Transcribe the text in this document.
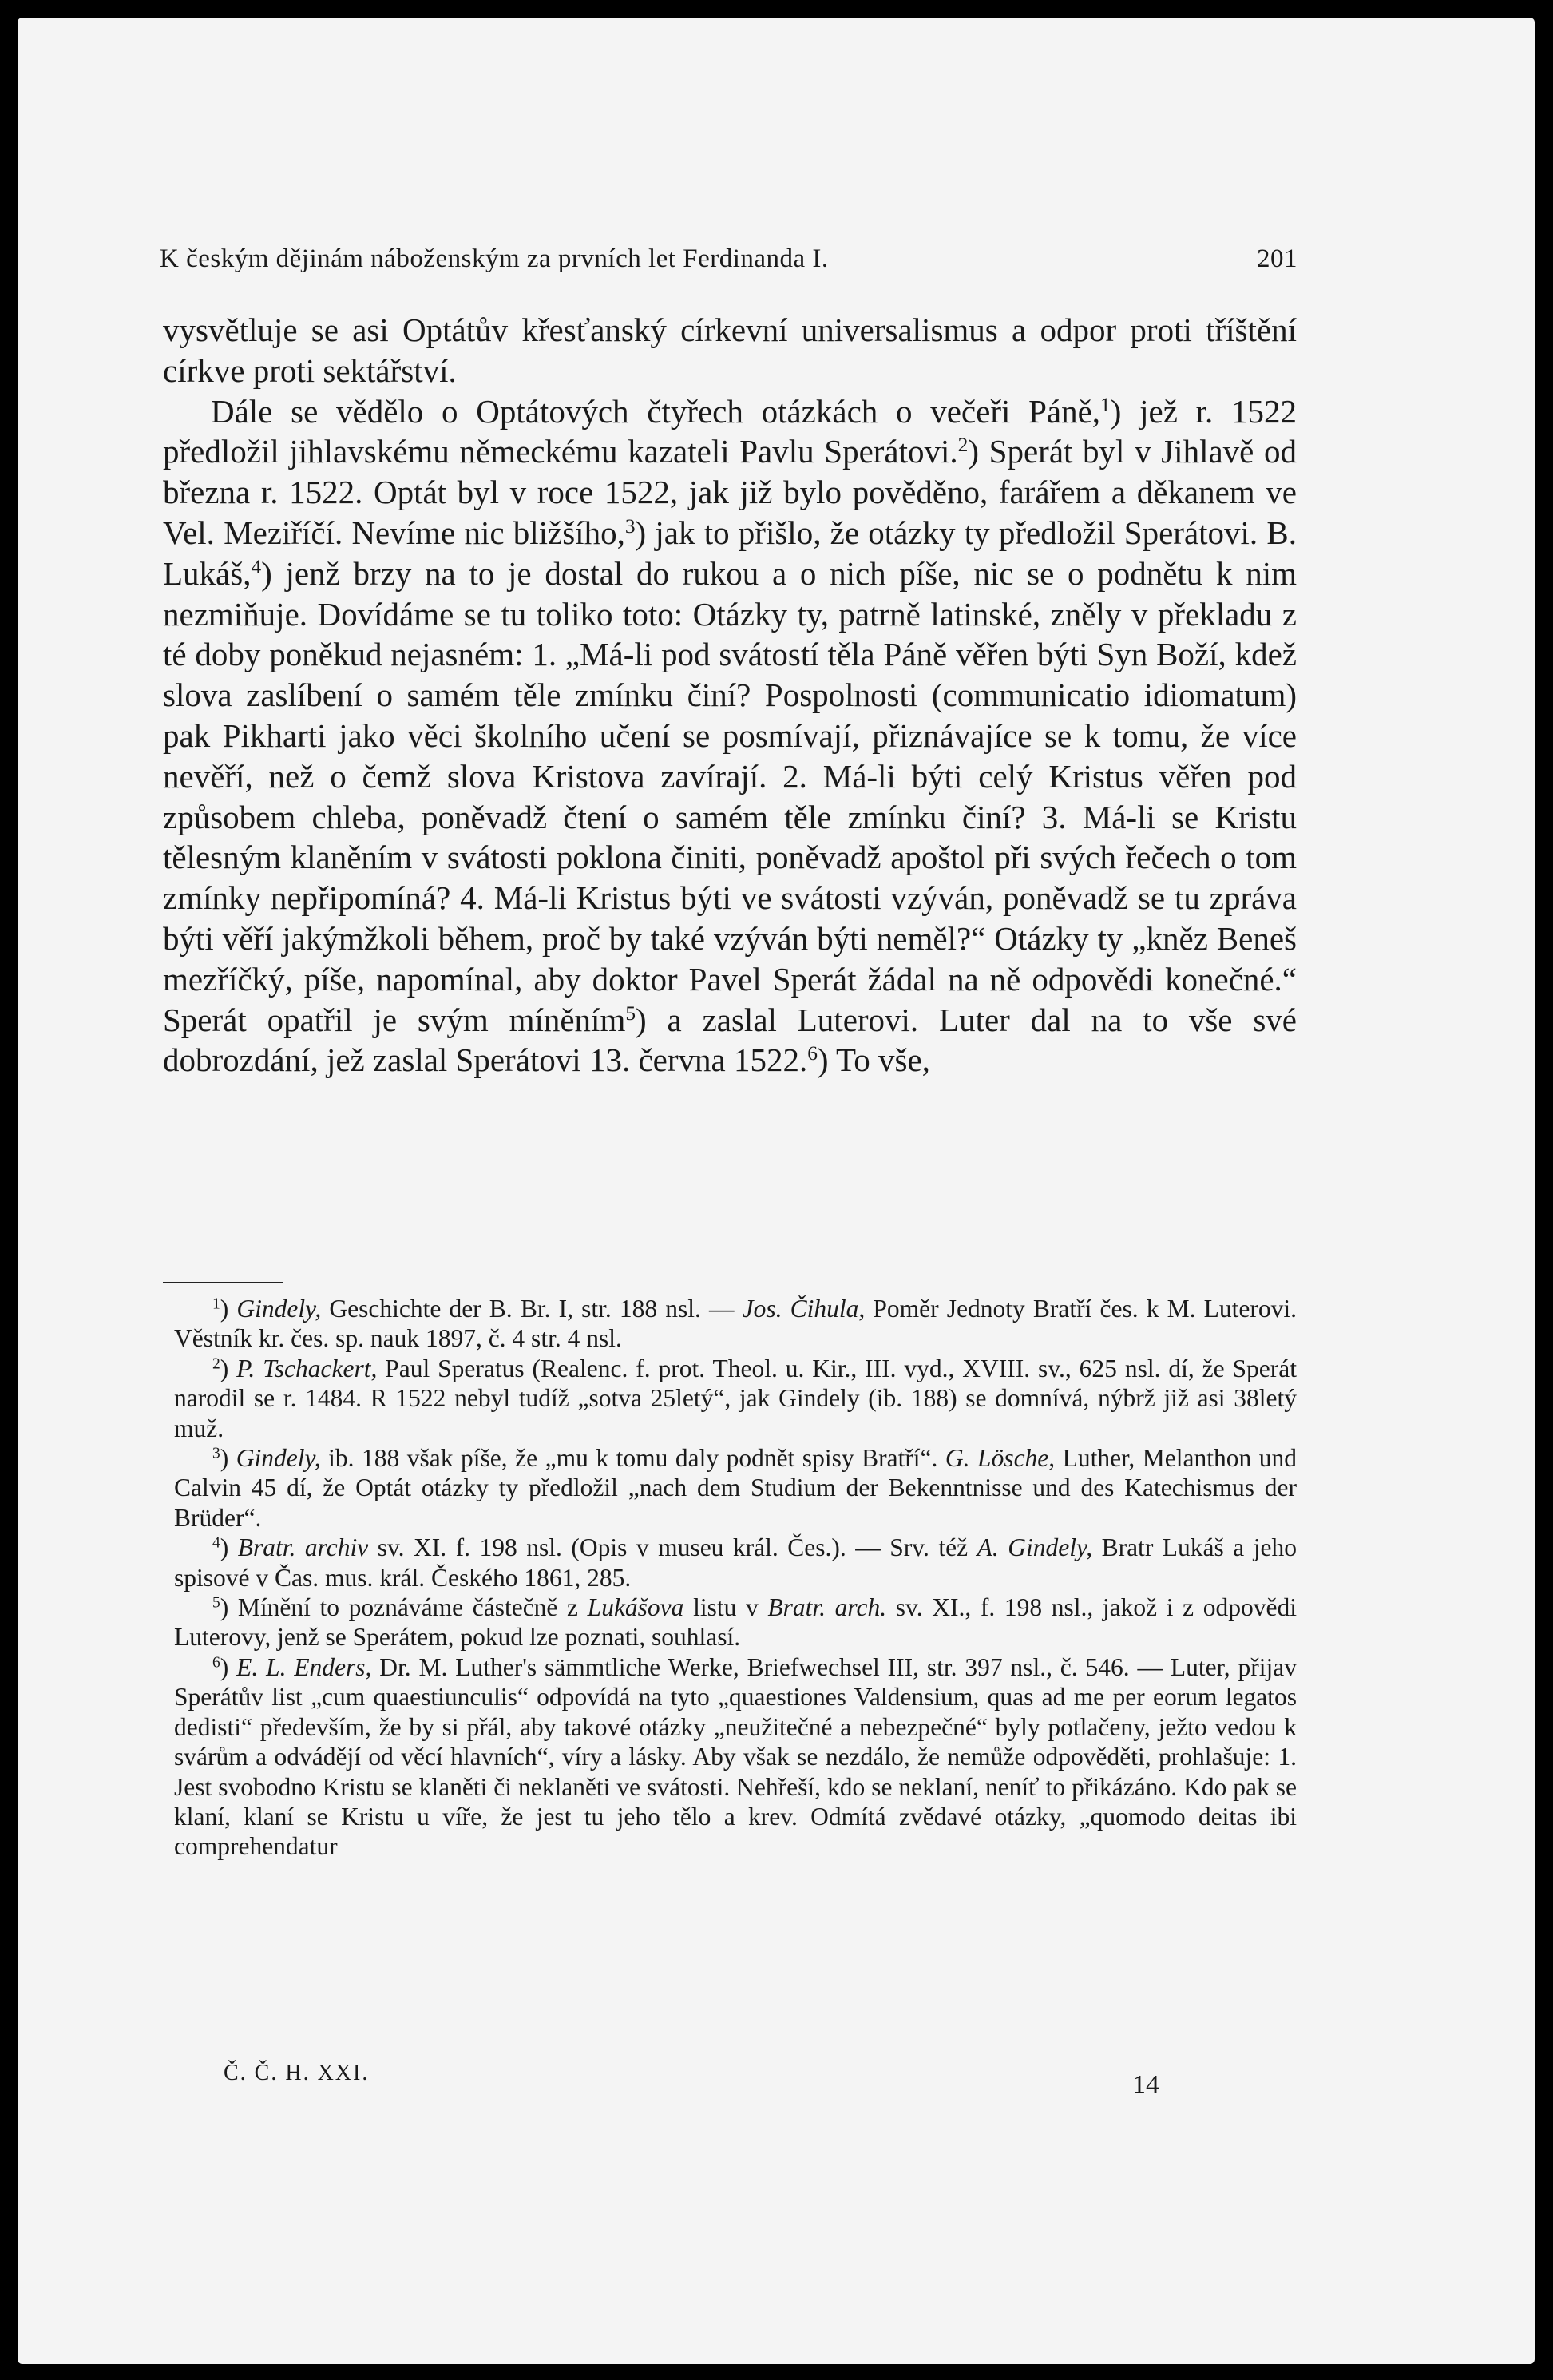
K českým dějinám náboženským za prvních let Ferdinanda I.	201

vysvětluje se asi Optátův křesťanský církevní universalismus a odpor proti tříštění církve proti sektářství.

Dále se vědělo o Optátových čtyřech otázkách o večeři Páně,$^1$) jež r. 1522 předložil jihlavskému německému kazateli Pavlu Sperátovi.$^2$) Sperát byl v Jihlavě od března r. 1522. Optát byl v roce 1522, jak již bylo pověděno, farářem a děkanem ve Vel. Meziříčí. Nevíme nic bližšího,$^3$) jak to přišlo, že otázky ty předložil Sperátovi. B. Lukáš,$^4$) jenž brzy na to je dostal do rukou a o nich píše, nic se o podnětu k nim nezmiňuje. Dovídáme se tu toliko toto: Otázky ty, patrně latinské, zněly v překladu z té doby poněkud nejasném: 1. „Má-li pod svátostí těla Páně věřen býti Syn Boží, kdež slova zaslíbení o samém těle zmínku činí? Pospolnosti (communicatio idiomatum) pak Pikharti jako věci školního učení se posmívají, přiznávajíce se k tomu, že více nevěří, než o čemž slova Kristova zavírají. 2. Má-li býti celý Kristus věřen pod způsobem chleba, poněvadž čtení o samém těle zmínku činí? 3. Má-li se Kristu tělesným klaněním v svátosti poklona činiti, poněvadž apoštol při svých řečech o tom zmínky nepřipomíná? 4. Má-li Kristus býti ve svátosti vzýván, poněvadž se tu zpráva býti věří jakýmžkoli během, proč by také vzýván býti neměl?“ Otázky ty „kněz Beneš mezříčký, píše, napomínal, aby doktor Pavel Sperát žádal na ně odpovědi konečné.“ Sperát opatřil je svým míněním$^5$) a zaslal Luterovi. Luter dal na to vše své dobrozdání, jež zaslal Sperátovi 13. června 1522.$^6$) To vše,

$^1$) Gindely, Geschichte der B. Br. I, str. 188 nsl. — Jos. Čihula, Poměr Jednoty Bratří čes. k M. Luterovi. Věstník kr. čes. sp. nauk 1897, č. 4 str. 4 nsl.

$^2$) P. Tschackert, Paul Speratus (Realenc. f. prot. Theol. u. Kir., III. vyd., XVIII. sv., 625 nsl. dí, že Sperát narodil se r. 1484. R 1522 nebyl tudíž „sotva 25letý“, jak Gindely (ib. 188) se domnívá, nýbrž již asi 38letý muž.

$^3$) Gindely, ib. 188 však píše, že „mu k tomu daly podnět spisy Bratří“. G. Lösche, Luther, Melanthon und Calvin 45 dí, že Optát otázky ty předložil „nach dem Studium der Bekenntnisse und des Katechismus der Brüder“.

$^4$) Bratr. archiv sv. XI. f. 198 nsl. (Opis v museu král. Čes.). — Srv. též A. Gindely, Bratr Lukáš a jeho spisové v Čas. mus. král. Českého 1861, 285.

$^5$) Mínění to poznáváme částečně z Lukášova listu v Bratr. arch. sv. XI., f. 198 nsl., jakož i z odpovědi Luterovy, jenž se Sperátem, pokud lze poznati, souhlasí.

$^6$) E. L. Enders, Dr. M. Luther's sämmtliche Werke, Briefwechsel III, str. 397 nsl., č. 546. — Luter, přijav Sperátův list „cum quaestiunculis“ odpovídá na tyto „quaestiones Valdensium, quas ad me per eorum legatos dedisti“ především, že by si přál, aby takové otázky „neužitečné a nebezpečné“ byly potlačeny, ježto vedou k svárům a odvádějí od věcí hlavních“, víry a lásky. Aby však se nezdálo, že nemůže odpověděti, prohlašuje: 1. Jest svobodno Kristu se klaněti či neklaněti ve svátosti. Nehřeší, kdo se neklaní, neníť to přikázáno. Kdo pak se klaní, klaní se Kristu u víře, že jest tu jeho tělo a krev. Odmítá zvědavé otázky, „quomodo deitas ibi comprehendatur

Č. Č. H. XXI.	14
